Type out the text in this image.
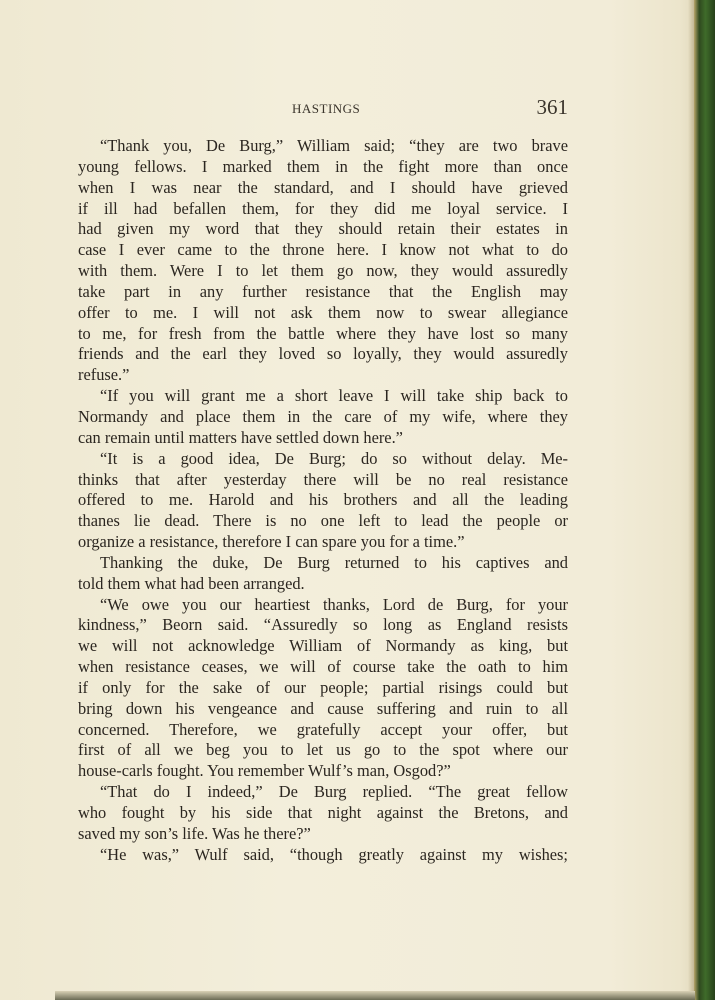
HASTINGS	361
“Thank you, De Burg,” William said; “they are two brave
young fellows. I marked them in the fight more than once
when I was near the standard, and I should have grieved
if ill had befallen them, for they did me loyal service. I
had given my word that they should retain their estates in
case I ever came to the throne here. I know not what to do
with them. Were I to let them go now, they would assuredly
take part in any further resistance that the English may
offer to me. I will not ask them now to swear allegiance
to me, for fresh from the battle where they have lost so many
friends and the earl they loved so loyally, they would assuredly
refuse.”
“If you will grant me a short leave I will take ship back to
Normandy and place them in the care of my wife, where they
can remain until matters have settled down here.”
“It is a good idea, De Burg; do so without delay. Me-
thinks that after yesterday there will be no real resistance
offered to me. Harold and his brothers and all the leading
thanes lie dead. There is no one left to lead the people or
organize a resistance, therefore I can spare you for a time.”
Thanking the duke, De Burg returned to his captives and
told them what had been arranged.
“We owe you our heartiest thanks, Lord de Burg, for your
kindness,” Beorn said. “Assuredly so long as England resists
we will not acknowledge William of Normandy as king, but
when resistance ceases, we will of course take the oath to him
if only for the sake of our people; partial risings could but
bring down his vengeance and cause suffering and ruin to all
concerned. Therefore, we gratefully accept your offer, but
first of all we beg you to let us go to the spot where our
house-carls fought. You remember Wulf’s man, Osgod?”
“That do I indeed,” De Burg replied. “The great fellow
who fought by his side that night against the Bretons, and
saved my son’s life. Was he there?”
“He was,” Wulf said, “though greatly against my wishes;
